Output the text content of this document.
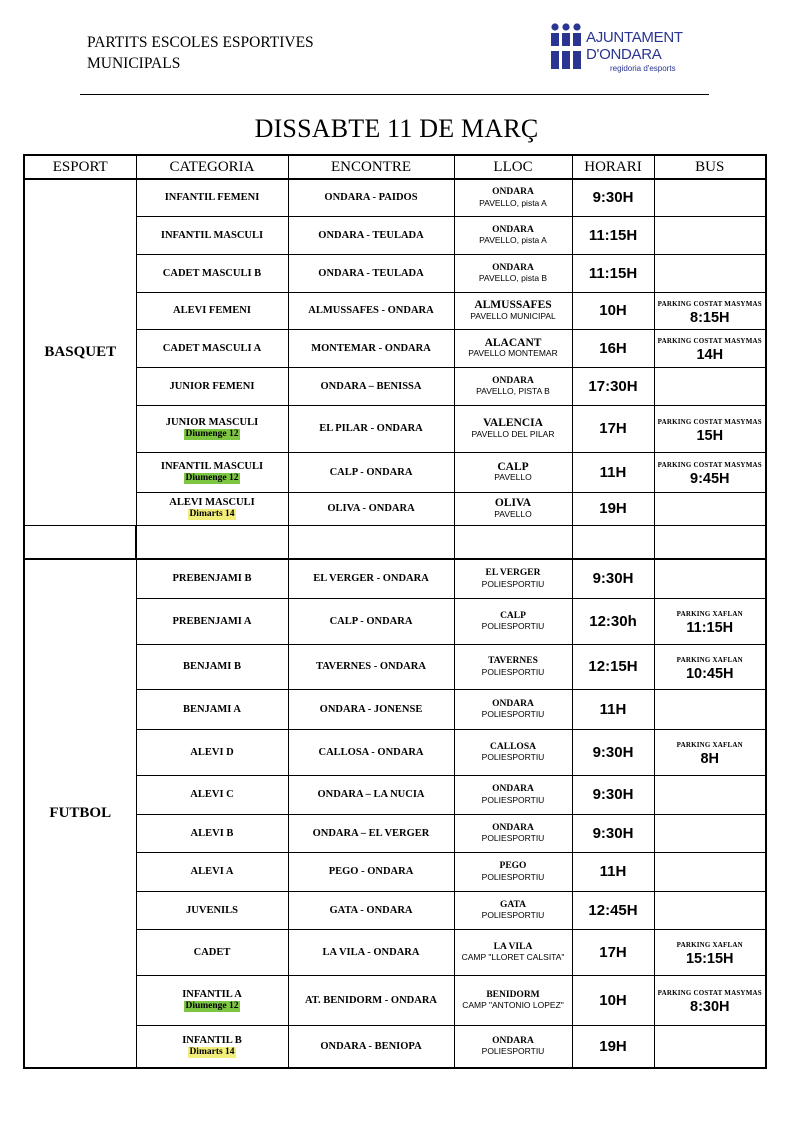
PARTITS ESCOLES ESPORTIVES
MUNICIPALS
AJUNTAMENT
D'ONDARA
regidoria d'esports
DISSABTE 11 DE MARÇ
ESPORT	CATEGORIA	ENCONTRE	LLOC	HORARI	BUS
BASQUET	INFANTIL FEMENI	ONDARA - PAIDOS	ONDARA
PAVELLO, pista A	9:30H	

	INFANTIL MASCULI	ONDARA - TEULADA	ONDARA
PAVELLO, pista A	11:15H	

	CADET MASCULI B	ONDARA - TEULADA	ONDARA
PAVELLO, pista B	11:15H	

	ALEVI FEMENI	ALMUSSAFES - ONDARA	ALMUSSAFES
PAVELLO MUNICIPAL	10H	PARKING COSTAT MASYMAS
8:15H

	CADET MASCULI A	MONTEMAR - ONDARA	ALACANT
PAVELLO MONTEMAR	16H	PARKING COSTAT MASYMAS
14H

	JUNIOR FEMENI	ONDARA – BENISSA	ONDARA
PAVELLO, PISTA B	17:30H	

	JUNIOR MASCULI
Diumenge 12	EL PILAR - ONDARA	VALENCIA
PAVELLO DEL PILAR	17H	PARKING COSTAT MASYMAS
15H

	INFANTIL MASCULI
Diumenge 12	CALP - ONDARA	CALP
PAVELLO	11H	PARKING COSTAT MASYMAS
9:45H

	ALEVI MASCULI
Dimarts 14	OLIVA - ONDARA	OLIVA
PAVELLO	19H	

FUTBOL	PREBENJAMI B	EL VERGER - ONDARA	EL VERGER
POLIESPORTIU	9:30H	

	PREBENJAMI A	CALP - ONDARA	CALP
POLIESPORTIU	12:30h	PARKING XAFLAN
11:15H

	BENJAMI B	TAVERNES - ONDARA	TAVERNES
POLIESPORTIU	12:15H	PARKING XAFLAN
10:45H

	BENJAMI A	ONDARA - JONENSE	ONDARA
POLIESPORTIU	11H	

	ALEVI D	CALLOSA - ONDARA	CALLOSA
POLIESPORTIU	9:30H	PARKING XAFLAN
8H

	ALEVI C	ONDARA – LA NUCIA	ONDARA
POLIESPORTIU	9:30H	

	ALEVI B	ONDARA – EL VERGER	ONDARA
POLIESPORTIU	9:30H	

	ALEVI A	PEGO - ONDARA	PEGO
POLIESPORTIU	11H	

	JUVENILS	GATA - ONDARA	GATA
POLIESPORTIU	12:45H	

	CADET	LA VILA - ONDARA	LA VILA
CAMP "LLORET CALSITA"	17H	PARKING XAFLAN
15:15H

	INFANTIL A
Diumenge 12	AT. BENIDORM - ONDARA	BENIDORM
CAMP "ANTONIO LOPEZ"	10H	PARKING COSTAT MASYMAS
8:30H

	INFANTIL B
Dimarts 14	ONDARA - BENIOPA	ONDARA
POLIESPORTIU	19H	
